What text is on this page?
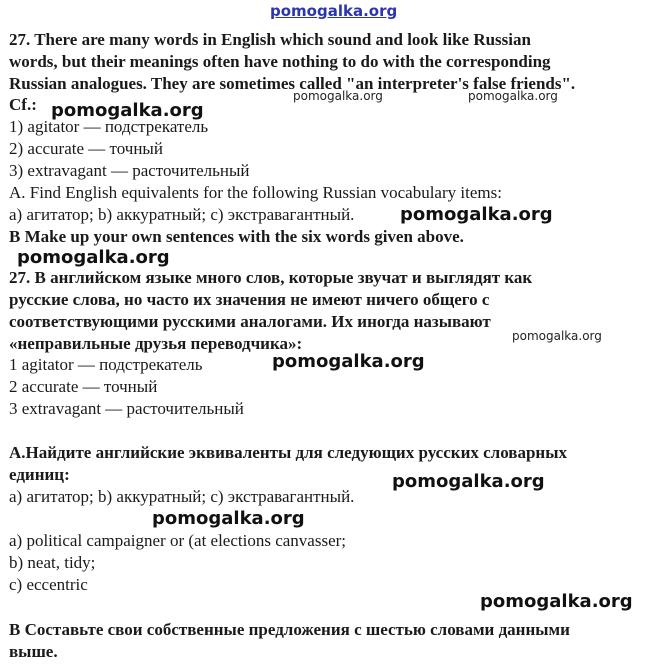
pomogalka.org
pomogalka.org	pomogalka.org
pomogalka.org
pomogalka.org
pomogalka.org
pomogalka.org
pomogalka.org
pomogalka.org
pomogalka.org
pomogalka.org
27. There are many words in English which sound and look like Russian
words, but their meanings often have nothing to do with the corresponding
Russian analogues. They are sometimes called "an interpreter's false friends".
Cf.:
1) agitator — подстрекатель
2) accurate — точный
3) extravagant — расточительный
A. Find English equivalents for the following Russian vocabulary items:
a) агитатор; b) аккуратный; c) экстравагантный.
B Make up your own sentences with the six words given above.
27. В английском языке много слов, которые звучат и выглядят как
русские слова, но часто их значения не имеют ничего общего с
соответствующими русскими аналогами. Их иногда называют
«неправильные друзья переводчика»:
1 agitator — подстрекатель
2 accurate — точный
3 extravagant — расточительный
A.Найдите английские эквиваленты для следующих русских словарных
единиц:
a) агитатор; b) аккуратный; c) экстравагантный.
a) political campaigner or (at elections canvasser;
b) neat, tidy;
c) eccentric
B Составьте свои собственные предложения с шестью словами данными
выше.
